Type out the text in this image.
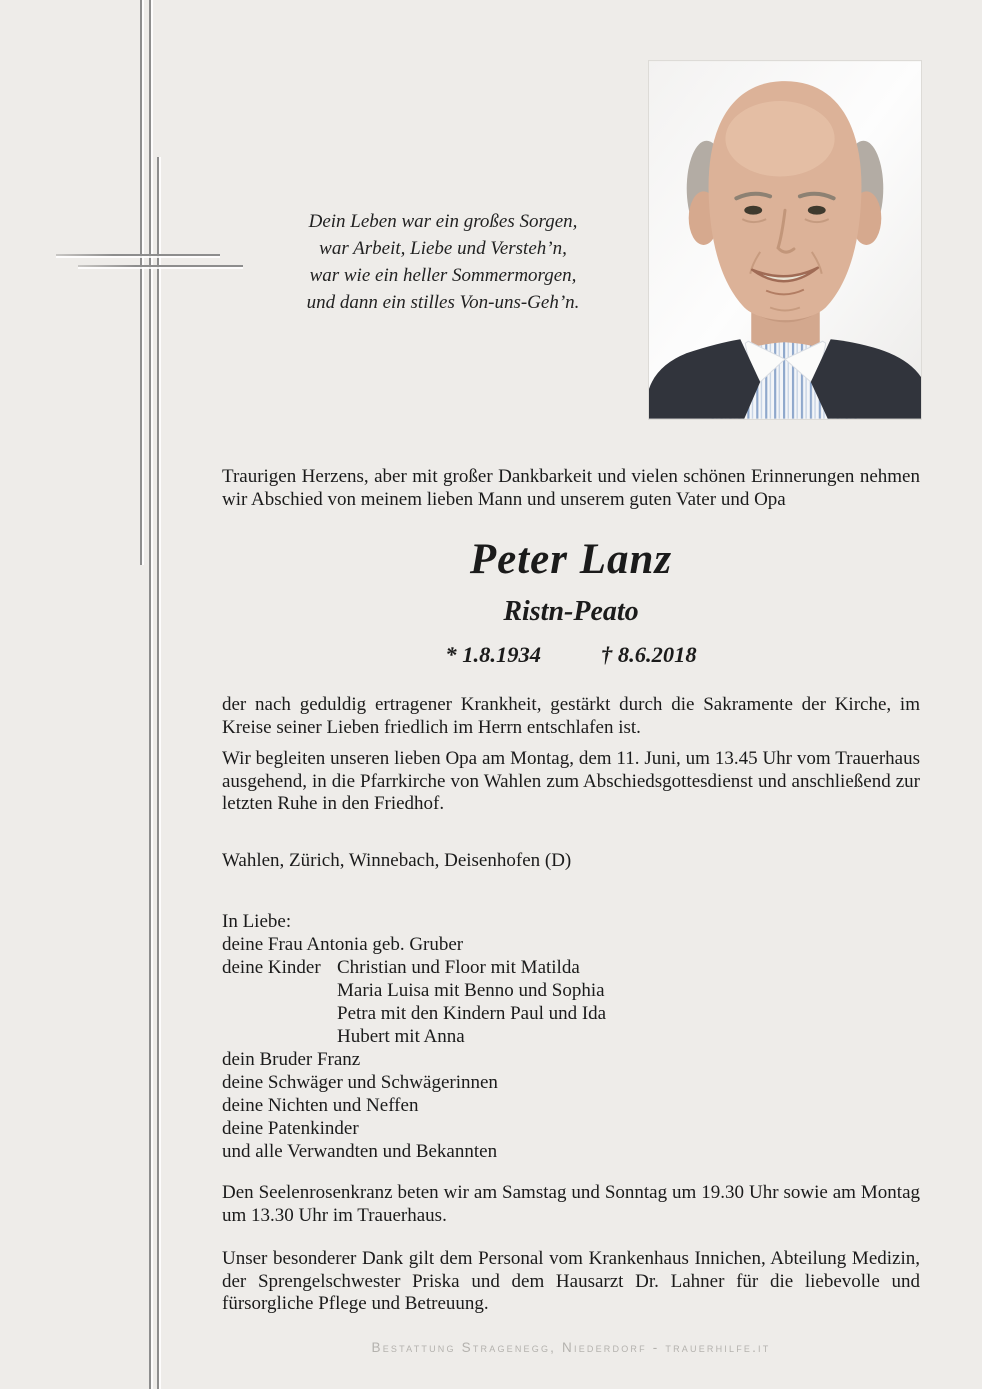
Dein Leben war ein großes Sorgen,
war Arbeit, Liebe und Versteh’n,
war wie ein heller Sommermorgen,
und dann ein stilles Von-uns-Geh’n.

Traurigen Herzens, aber mit großer Dankbarkeit und vielen schönen Erinnerungen nehmen wir Abschied von meinem lieben Mann und unserem guten Vater und Opa

Peter Lanz

Ristn-Peato

* 1.8.1934	† 8.6.2018

der nach geduldig ertragener Krankheit, gestärkt durch die Sakramente der Kirche, im Kreise seiner Lieben friedlich im Herrn entschlafen ist.

Wir begleiten unseren lieben Opa am Montag, dem 11. Juni, um 13.45 Uhr vom Trauerhaus ausgehend, in die Pfarrkirche von Wahlen zum Abschiedsgottesdienst und anschließend zur letzten Ruhe in den Friedhof.

Wahlen, Zürich, Winnebach, Deisenhofen (D)

In Liebe:
deine Frau Antonia geb. Gruber
deine Kinder Christian und Floor mit Matilda
Maria Luisa mit Benno und Sophia
Petra mit den Kindern Paul und Ida
Hubert mit Anna
dein Bruder Franz
deine Schwäger und Schwägerinnen
deine Nichten und Neffen
deine Patenkinder
und alle Verwandten und Bekannten

Den Seelenrosenkranz beten wir am Samstag und Sonntag um 19.30 Uhr sowie am Montag um 13.30 Uhr im Trauerhaus.

Unser besonderer Dank gilt dem Personal vom Krankenhaus Innichen, Abteilung Medizin, der Sprengelschwester Priska und dem Hausarzt Dr. Lahner für die liebevolle und fürsorgliche Pflege und Betreuung.

Bestattung Stragenegg, Niederdorf - trauerhilfe.it
